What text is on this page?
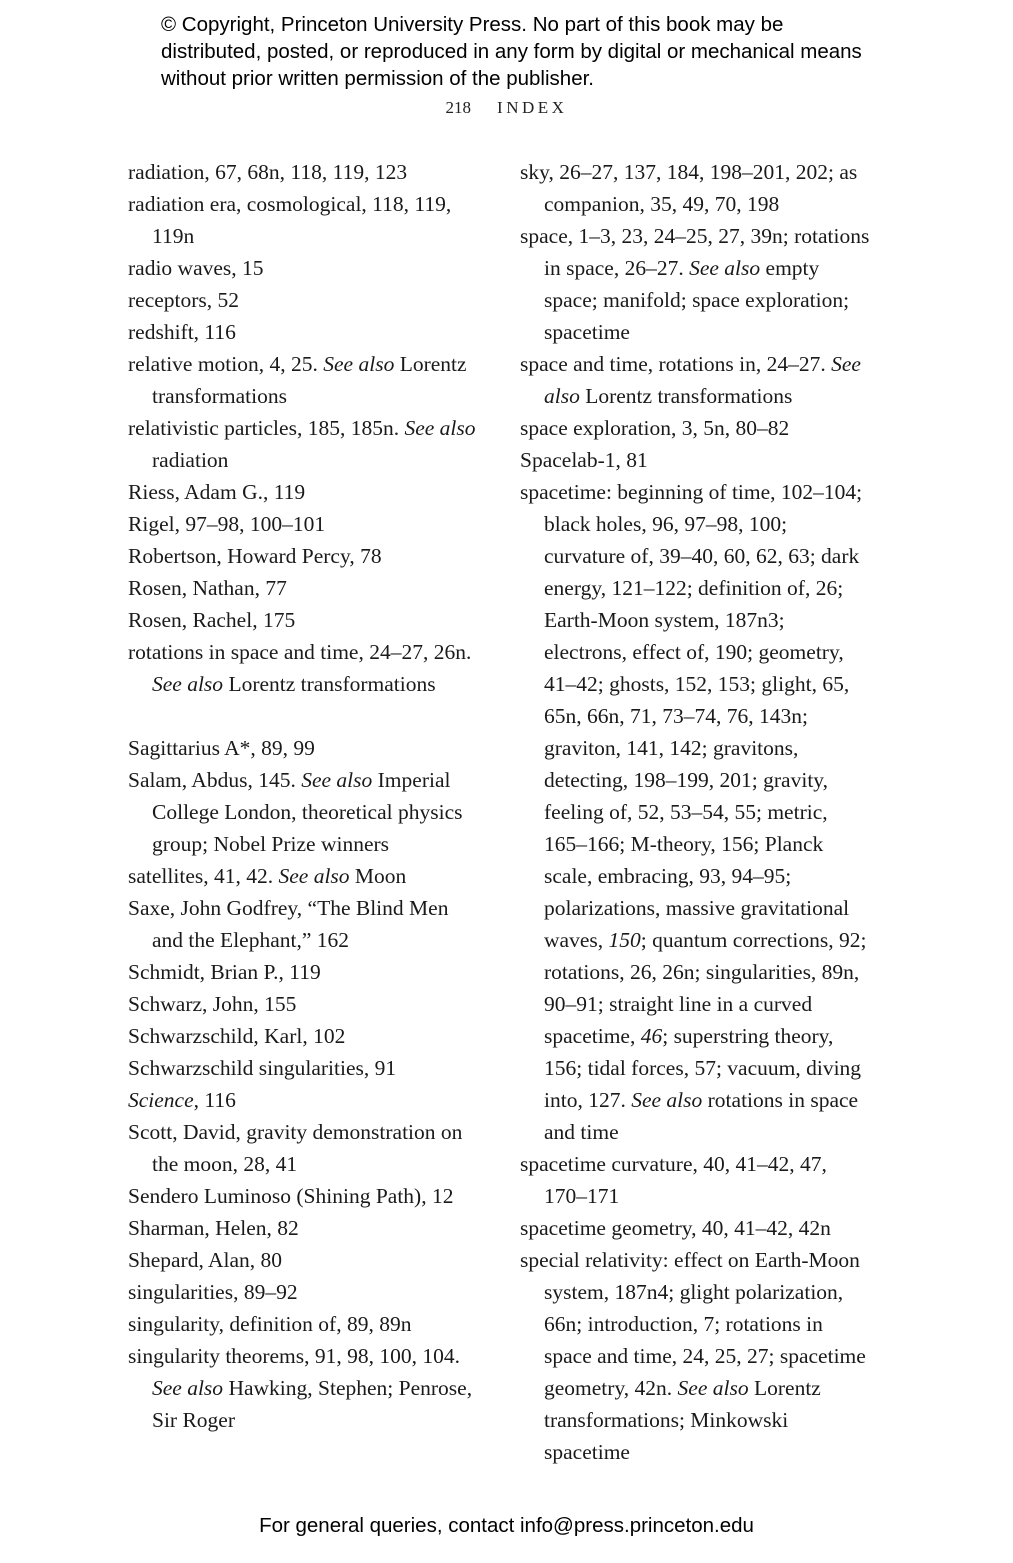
© Copyright, Princeton University Press. No part of this book may be distributed, posted, or reproduced in any form by digital or mechanical means without prior written permission of the publisher.
218 INDEX

radiation, 67, 68n, 118, 119, 123

radiation era, cosmological, 118, 119, 119n

radio waves, 15

receptors, 52

redshift, 116

relative motion, 4, 25. See also Lorentz transformations

relativistic particles, 185, 185n. See also radiation

Riess, Adam G., 119

Rigel, 97–98, 100–101

Robertson, Howard Percy, 78

Rosen, Nathan, 77

Rosen, Rachel, 175

rotations in space and time, 24–27, 26n. See also Lorentz transformations

Sagittarius A*, 89, 99

Salam, Abdus, 145. See also Imperial College London, theoretical physics group; Nobel Prize winners

satellites, 41, 42. See also Moon

Saxe, John Godfrey, “The Blind Men and the Elephant,” 162

Schmidt, Brian P., 119

Schwarz, John, 155

Schwarzschild, Karl, 102

Schwarzschild singularities, 91

Science, 116

Scott, David, gravity demonstration on the moon, 28, 41

Sendero Luminoso (Shining Path), 12

Sharman, Helen, 82

Shepard, Alan, 80

singularities, 89–92

singularity, definition of, 89, 89n

singularity theorems, 91, 98, 100, 104. See also Hawking, Stephen; Penrose, Sir Roger

sky, 26–27, 137, 184, 198–201, 202; as companion, 35, 49, 70, 198

space, 1–3, 23, 24–25, 27, 39n; rotations in space, 26–27. See also empty space; manifold; space exploration; spacetime

space and time, rotations in, 24–27. See also Lorentz transformations

space exploration, 3, 5n, 80–82

Spacelab-1, 81

spacetime: beginning of time, 102–104; black holes, 96, 97–98, 100; curvature of, 39–40, 60, 62, 63; dark energy, 121–122; definition of, 26; Earth-Moon system, 187n3; electrons, effect of, 190; geometry, 41–42; ghosts, 152, 153; glight, 65, 65n, 66n, 71, 73–74, 76, 143n; graviton, 141, 142; gravitons, detecting, 198–199, 201; gravity, feeling of, 52, 53–54, 55; metric, 165–166; M-theory, 156; Planck scale, embracing, 93, 94–95; polarizations, massive gravitational waves, 150; quantum corrections, 92; rotations, 26, 26n; singularities, 89n, 90–91; straight line in a curved spacetime, 46; superstring theory, 156; tidal forces, 57; vacuum, diving into, 127. See also rotations in space and time

spacetime curvature, 40, 41–42, 47, 170–171

spacetime geometry, 40, 41–42, 42n

special relativity: effect on Earth-Moon system, 187n4; glight polarization, 66n; introduction, 7; rotations in space and time, 24, 25, 27; spacetime geometry, 42n. See also Lorentz transformations; Minkowski spacetime

For general queries, contact info@press.princeton.edu
